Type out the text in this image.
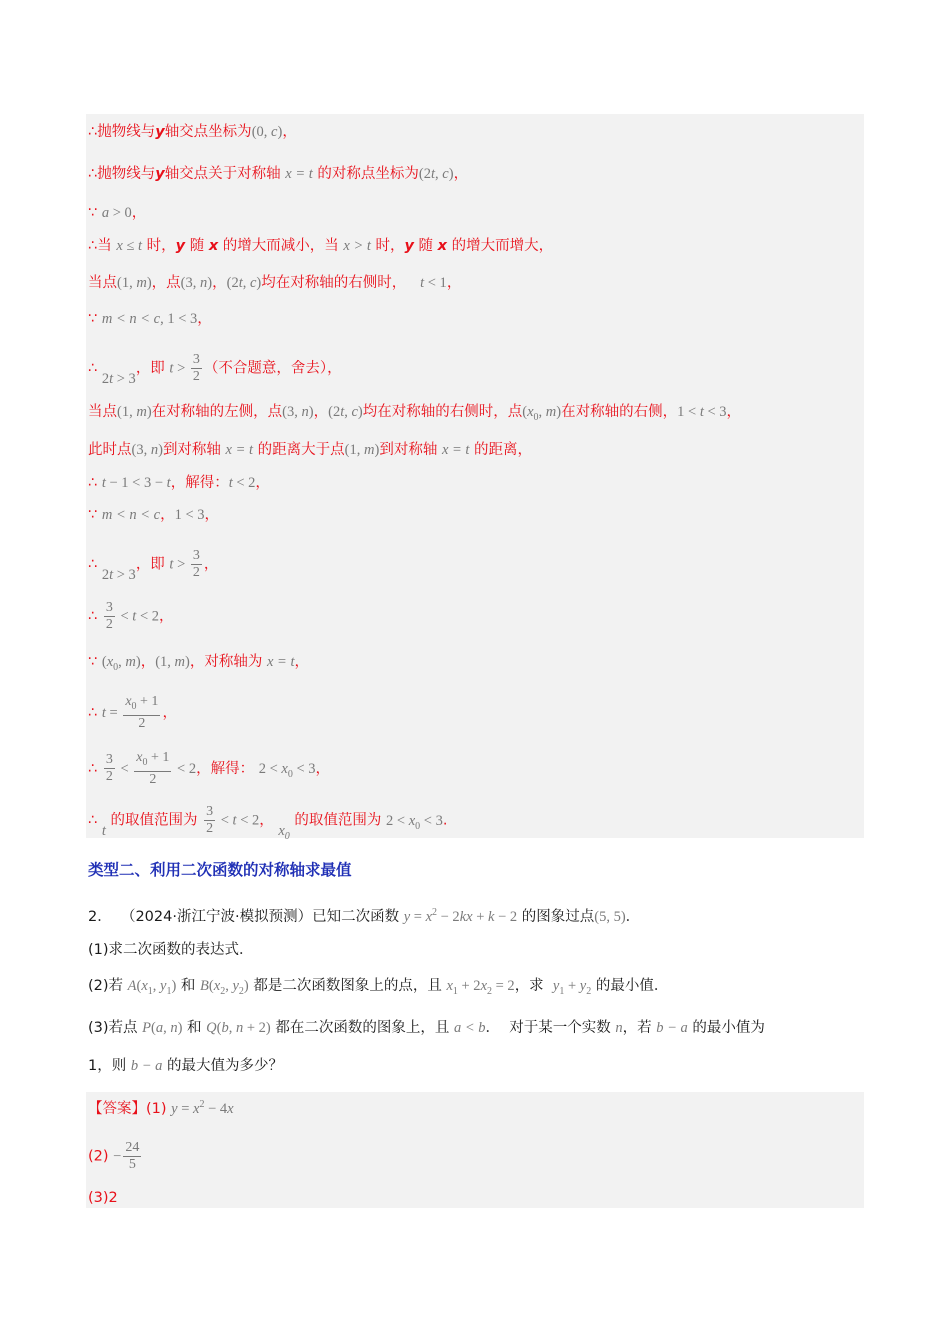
∴抛物线与y轴交点坐标为(0, c)，
∴抛物线与y轴交点关于对称轴 x = t 的对称点坐标为(2t, c)，
∵ a > 0，
∴当 x ≤ t 时，y 随 x 的增大而减小，当 x > t 时，y 随 x 的增大而增大，
当点(1, m)，点(3, n)，(2t, c)均在对称轴的右侧时，   t < 1，
∵ m < n < c, 1 < 3，
∴ 2t > 3，即 $t > \frac{3}{2}$ （不合题意，舍去），
当点(1, m)在对称轴的左侧，点(3, n)，(2t, c)均在对称轴的右侧时，点($x_0$, m)在对称轴的右侧，1 < t < 3，
此时点(3, n)到对称轴 x = t 的距离大于点(1, m)到对称轴 x = t 的距离，
∴ t − 1 < 3 − t，解得：t < 2，
∵ m < n < c，1 < 3，
∴ 2t > 3，即 $t > \frac{3}{2}$ ，
∴ $\frac{3}{2} < t < 2$，
∵ ($x_0$, m)，(1, m)，对称轴为 x = t，
∴ $t = \frac{x_0 + 1}{2}$ ，
∴ $\frac{3}{2} < \frac{x_0 + 1}{2} < 2$，解得： $2 < x_0 < 3$，
∴ t 的取值范围为 $\frac{3}{2} < t < 2$， $x_0$ 的取值范围为 $2 < x_0 < 3$.
类型二、利用二次函数的对称轴求最值
2． （2024·浙江宁波·模拟预测）已知二次函数 $y = x^2 - 2kx + k - 2$ 的图象过点(5, 5)．
(1)求二次函数的表达式．
(2)若 $A(x_1$, $y_1$) 和 $B(x_2$, $y_2$) 都是二次函数图象上的点，且 $x_1 + 2x_2 = 2$，求  $y_1 + y_2$ 的最小值．
(3)若点 P(a, n) 和 Q(b, n + 2) 都在二次函数的图象上，且 a < b．  对于某一个实数 n，若 b − a 的最小值为
1，则 b − a 的最大值为多少？
【答案】(1) $y = x^2 - 4x$
$(2) - \frac{24}{5}$
(3)2
